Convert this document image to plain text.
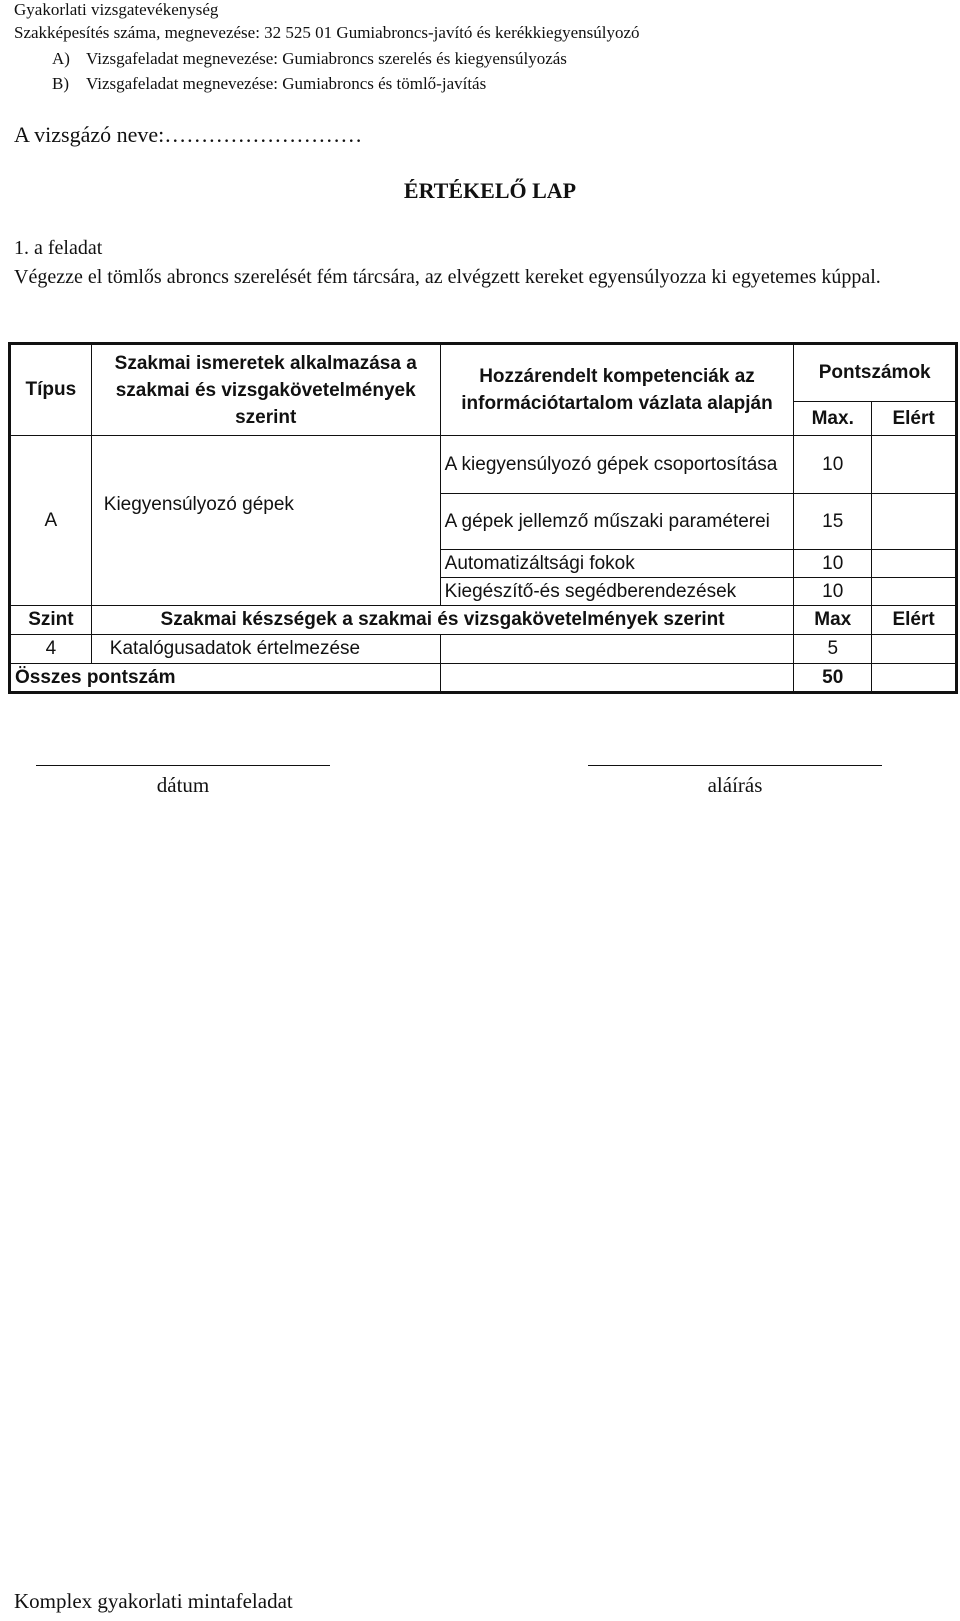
Gyakorlati vizsgatevékenység
Szakképesítés száma, megnevezése: 32 525 01 Gumiabroncs-javító és kerékkiegyensúlyozó
A) Vizsgafeladat megnevezése: Gumiabroncs szerelés és kiegyensúlyozás
B) Vizsgafeladat megnevezése: Gumiabroncs és tömlő-javítás
A vizsgázó neve:………………………
ÉRTÉKELŐ LAP
1. a feladat
Végezze el tömlős abroncs szerelését fém tárcsára, az elvégzett kereket egyensúlyozza ki egyetemes kúppal.
Típus	Szakmai ismeretek alkalmazása a szakmai és vizsgakövetelmények szerint	Hozzárendelt kompetenciák az információtartalom vázlata alapján	Pontszámok	
			Max.	Elért
A	Kiegyensúlyozó gépek	A kiegyensúlyozó gépek csoportosítása	10	
		A gépek jellemző műszaki paraméterei	15	
		Automatizáltsági fokok	10	
		Kiegészítő-és segédberendezések	10	
Szint	Szakmai készségek a szakmai és vizsgakövetelmények szerint		Max	Elért
4	Katalógusadatok értelmezése		5	
Összes pontszám			50	
dátum	aláírás
Komplex gyakorlati mintafeladat
